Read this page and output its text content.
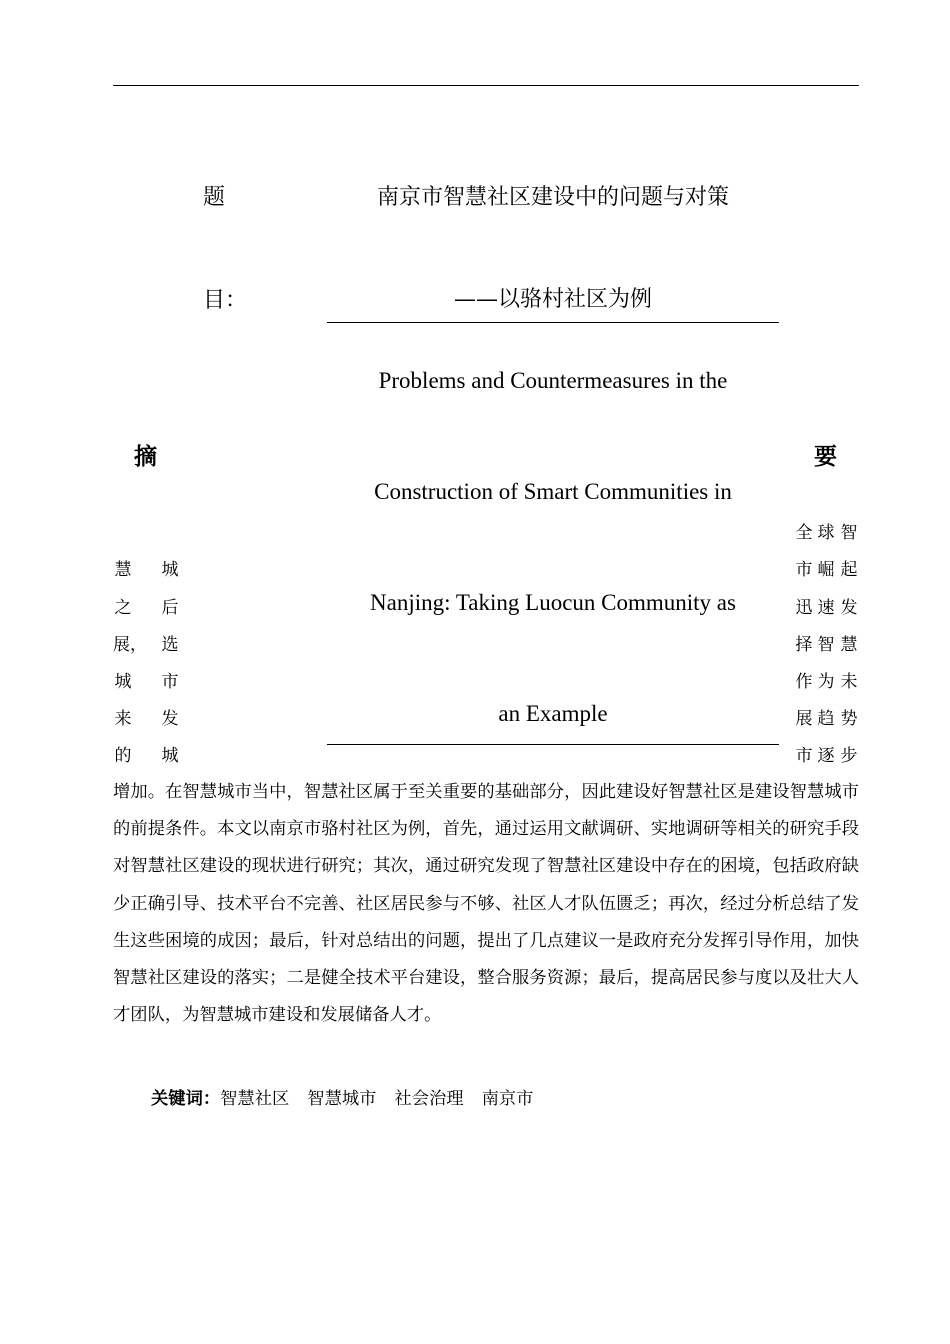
题
目：
南京市智慧社区建设中的问题与对策
——以骆村社区为例
Problems and Countermeasures in the
Construction of Smart Communities in
Nanjing: Taking Luocun Community as
an Example
摘	要
慧 城
之 后
展， 选
城 市
来 发
的 城
全 球 智
市 崛 起
迅 速 发
择 智 慧
作 为 未
展 趋 势
市 逐 步
增加。在智慧城市当中，智慧社区属于至关重要的基础部分，因此建设好智慧社区是建设智慧城市的前提条件。本文以南京市骆村社区为例，首先，通过运用文献调研、实地调研等相关的研究手段对智慧社区建设的现状进行研究；其次，通过研究发现了智慧社区建设中存在的困境，包括政府缺少正确引导、技术平台不完善、社区居民参与不够、社区人才队伍匮乏；再次，经过分析总结了发生这些困境的成因；最后，针对总结出的问题，提出了几点建议一是政府充分发挥引导作用，加快智慧社区建设的落实；二是健全技术平台建设，整合服务资源；最后，提高居民参与度以及壮大人才团队，为智慧城市建设和发展储备人才。
关键词：智慧社区 智慧城市 社会治理 南京市
